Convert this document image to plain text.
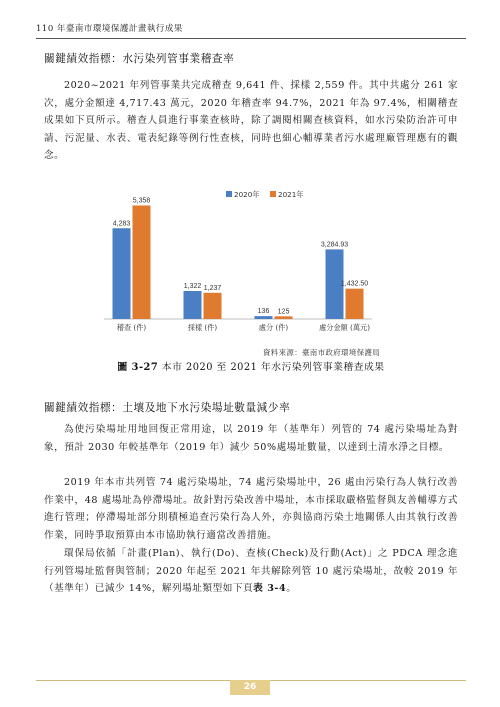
110 年臺南市環境保護計畫執行成果
關鍵績效指標：水污染列管事業稽查率

2020~2021 年列管事業共完成稽查 9,641 件、採樣 2,559 件。其中共處分 261 家次，處分金額達 4,717.43 萬元，2020 年稽查率 94.7%，2021 年為 97.4%，相關稽查成果如下頁所示。稽查人員進行事業查核時，除了調閱相關查核資料，如水污染防治許可申請、污泥量、水表、電表紀錄等例行性查核，同時也細心輔導業者污水處理廠管理應有的觀念。

4,283
5,358
稽查 (件)
1,322 1,237
採樣 (件)
136 125
處分 (件)
3,284.93
1,432.50
處分金額 (萬元)
2020年	2021年
資料來源：臺南市政府環境保護局
圖 3-27 本市 2020 至 2021 年水污染列管事業稽查成果
關鍵績效指標：土壤及地下水污染場址數量減少率

為使污染場址用地回復正常用途，以 2019 年（基準年）列管的 74 處污染場址為對象，預計 2030 年較基準年（2019 年）減少 50%處場址數量，以達到土清水淨之目標。

2019 年本市共列管 74 處污染場址，74 處污染場址中，26 處由污染行為人執行改善作業中，48 處場址為停滯場址。故針對污染改善中場址，本市採取嚴格監督與友善輔導方式進行管理；停滯場址部分則積極追查污染行為人外，亦與協商污染土地關係人由其執行改善作業，同時爭取預算由本市協助執行適當改善措施。

環保局依循「計畫(Plan)、執行(Do)、查核(Check)及行動(Act)」之 PDCA 理念進行列管場址監督與管制；2020 年起至 2021 年共解除列管 10 處污染場址，故較 2019 年（基準年）已減少 14%，解列場址類型如下頁表 3-4。

26
